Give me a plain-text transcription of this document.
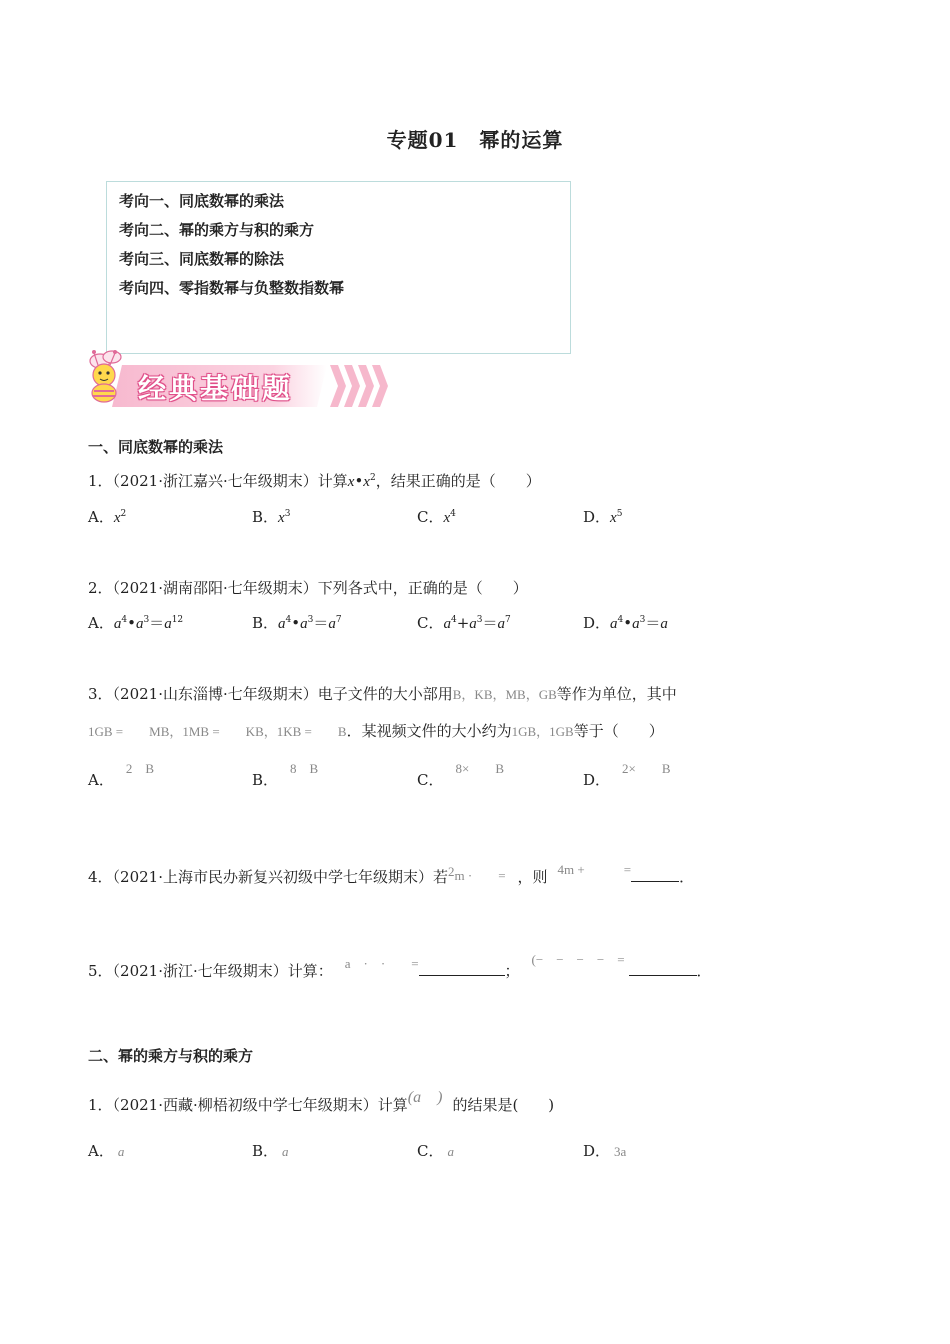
专题01　幂的运算
考向一、同底数幂的乘法
考向二、幂的乘方与积的乘方
考向三、同底数幂的除法
考向四、零指数幂与负整数指数幂
经典基础题
一、同底数幂的乘法
1．（2021·浙江嘉兴·七年级期末）计算$x•x^2$，结果正确的是（　　）
A．$x^2$	B．$x^3$	C．$x^4$	D．$x^5$
2．（2021·湖南邵阳·七年级期末）下列各式中，正确的是（　　）
A．$a^4•a^3=a^{12}$	B．$a^4•a^3=a^7$	C．$a^4+a^3=a^7$	D．$a^4•a^3=a$
3．（2021·山东淄博·七年级期末）电子文件的大小部用B，KB，MB，GB等作为单位，其中
1GB =　　MB，1MB =　　KB，1KB =　　B．某视频文件的大小约为1GB，1GB等于（　　）
A．2　B
B．8　B
C．8×　　B
D．2×　　B
4．（2021·上海市民办新复兴初级中学七年级期末）若2m ·　　= ，则 4m +　　　=	．
5．（2021·浙江·七年级期末）计算： a　·　·　　=	；(−　−　−　−　=．
二、幂的乘方与积的乘方
1．（2021·西藏·柳梧初级中学七年级期末）计算(a　) 的结果是(　　)
A． a	B． a	C． a	D． 3a
